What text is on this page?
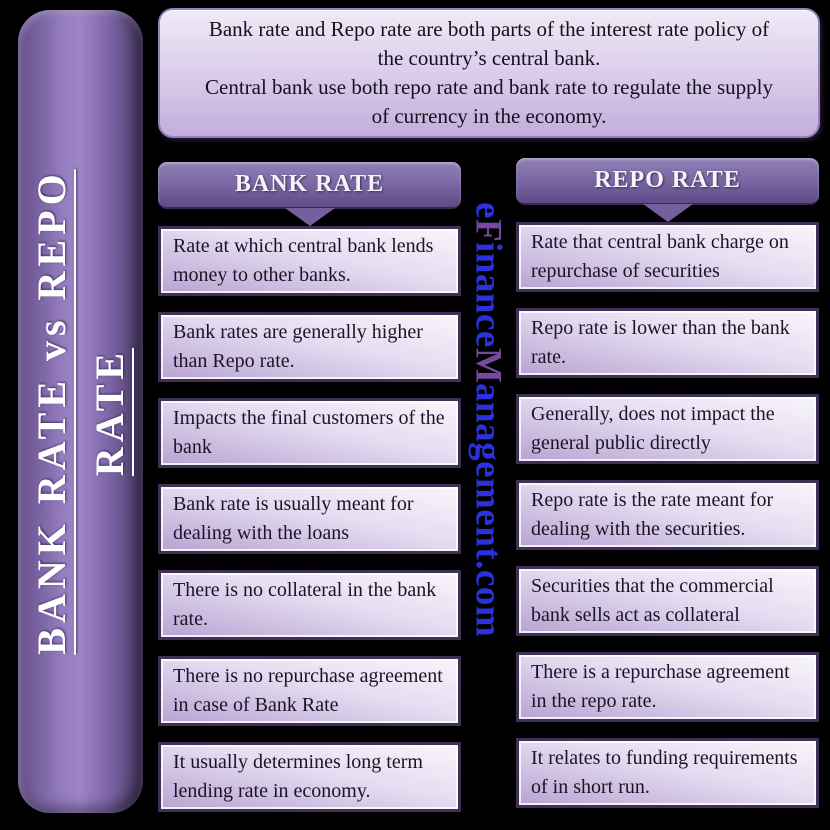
BANK RATE vs REPO RATE
Bank rate and Repo rate are both parts of the interest rate policy of the country’s central bank.
Central bank use both repo rate and bank rate to regulate the supply of currency in the economy.
BANK RATE
Rate at which central bank lends money to other banks.
Bank rates are generally higher than Repo rate.
Impacts the final customers of the bank
Bank rate is usually meant for dealing with the loans
There is no collateral in the bank rate.
There is no repurchase agreement in case of Bank Rate
It usually determines long term lending rate in economy.
REPO RATE
Rate that central bank charge on repurchase of securities
Repo rate is lower than the bank rate.
Generally, does not impact the general public directly
Repo rate is the rate meant for dealing with the securities.
Securities that the commercial bank sells act as collateral
There is a repurchase agreement in the repo rate.
It relates to funding requirements of in short run.
e
F
inance
M
anagement.com
